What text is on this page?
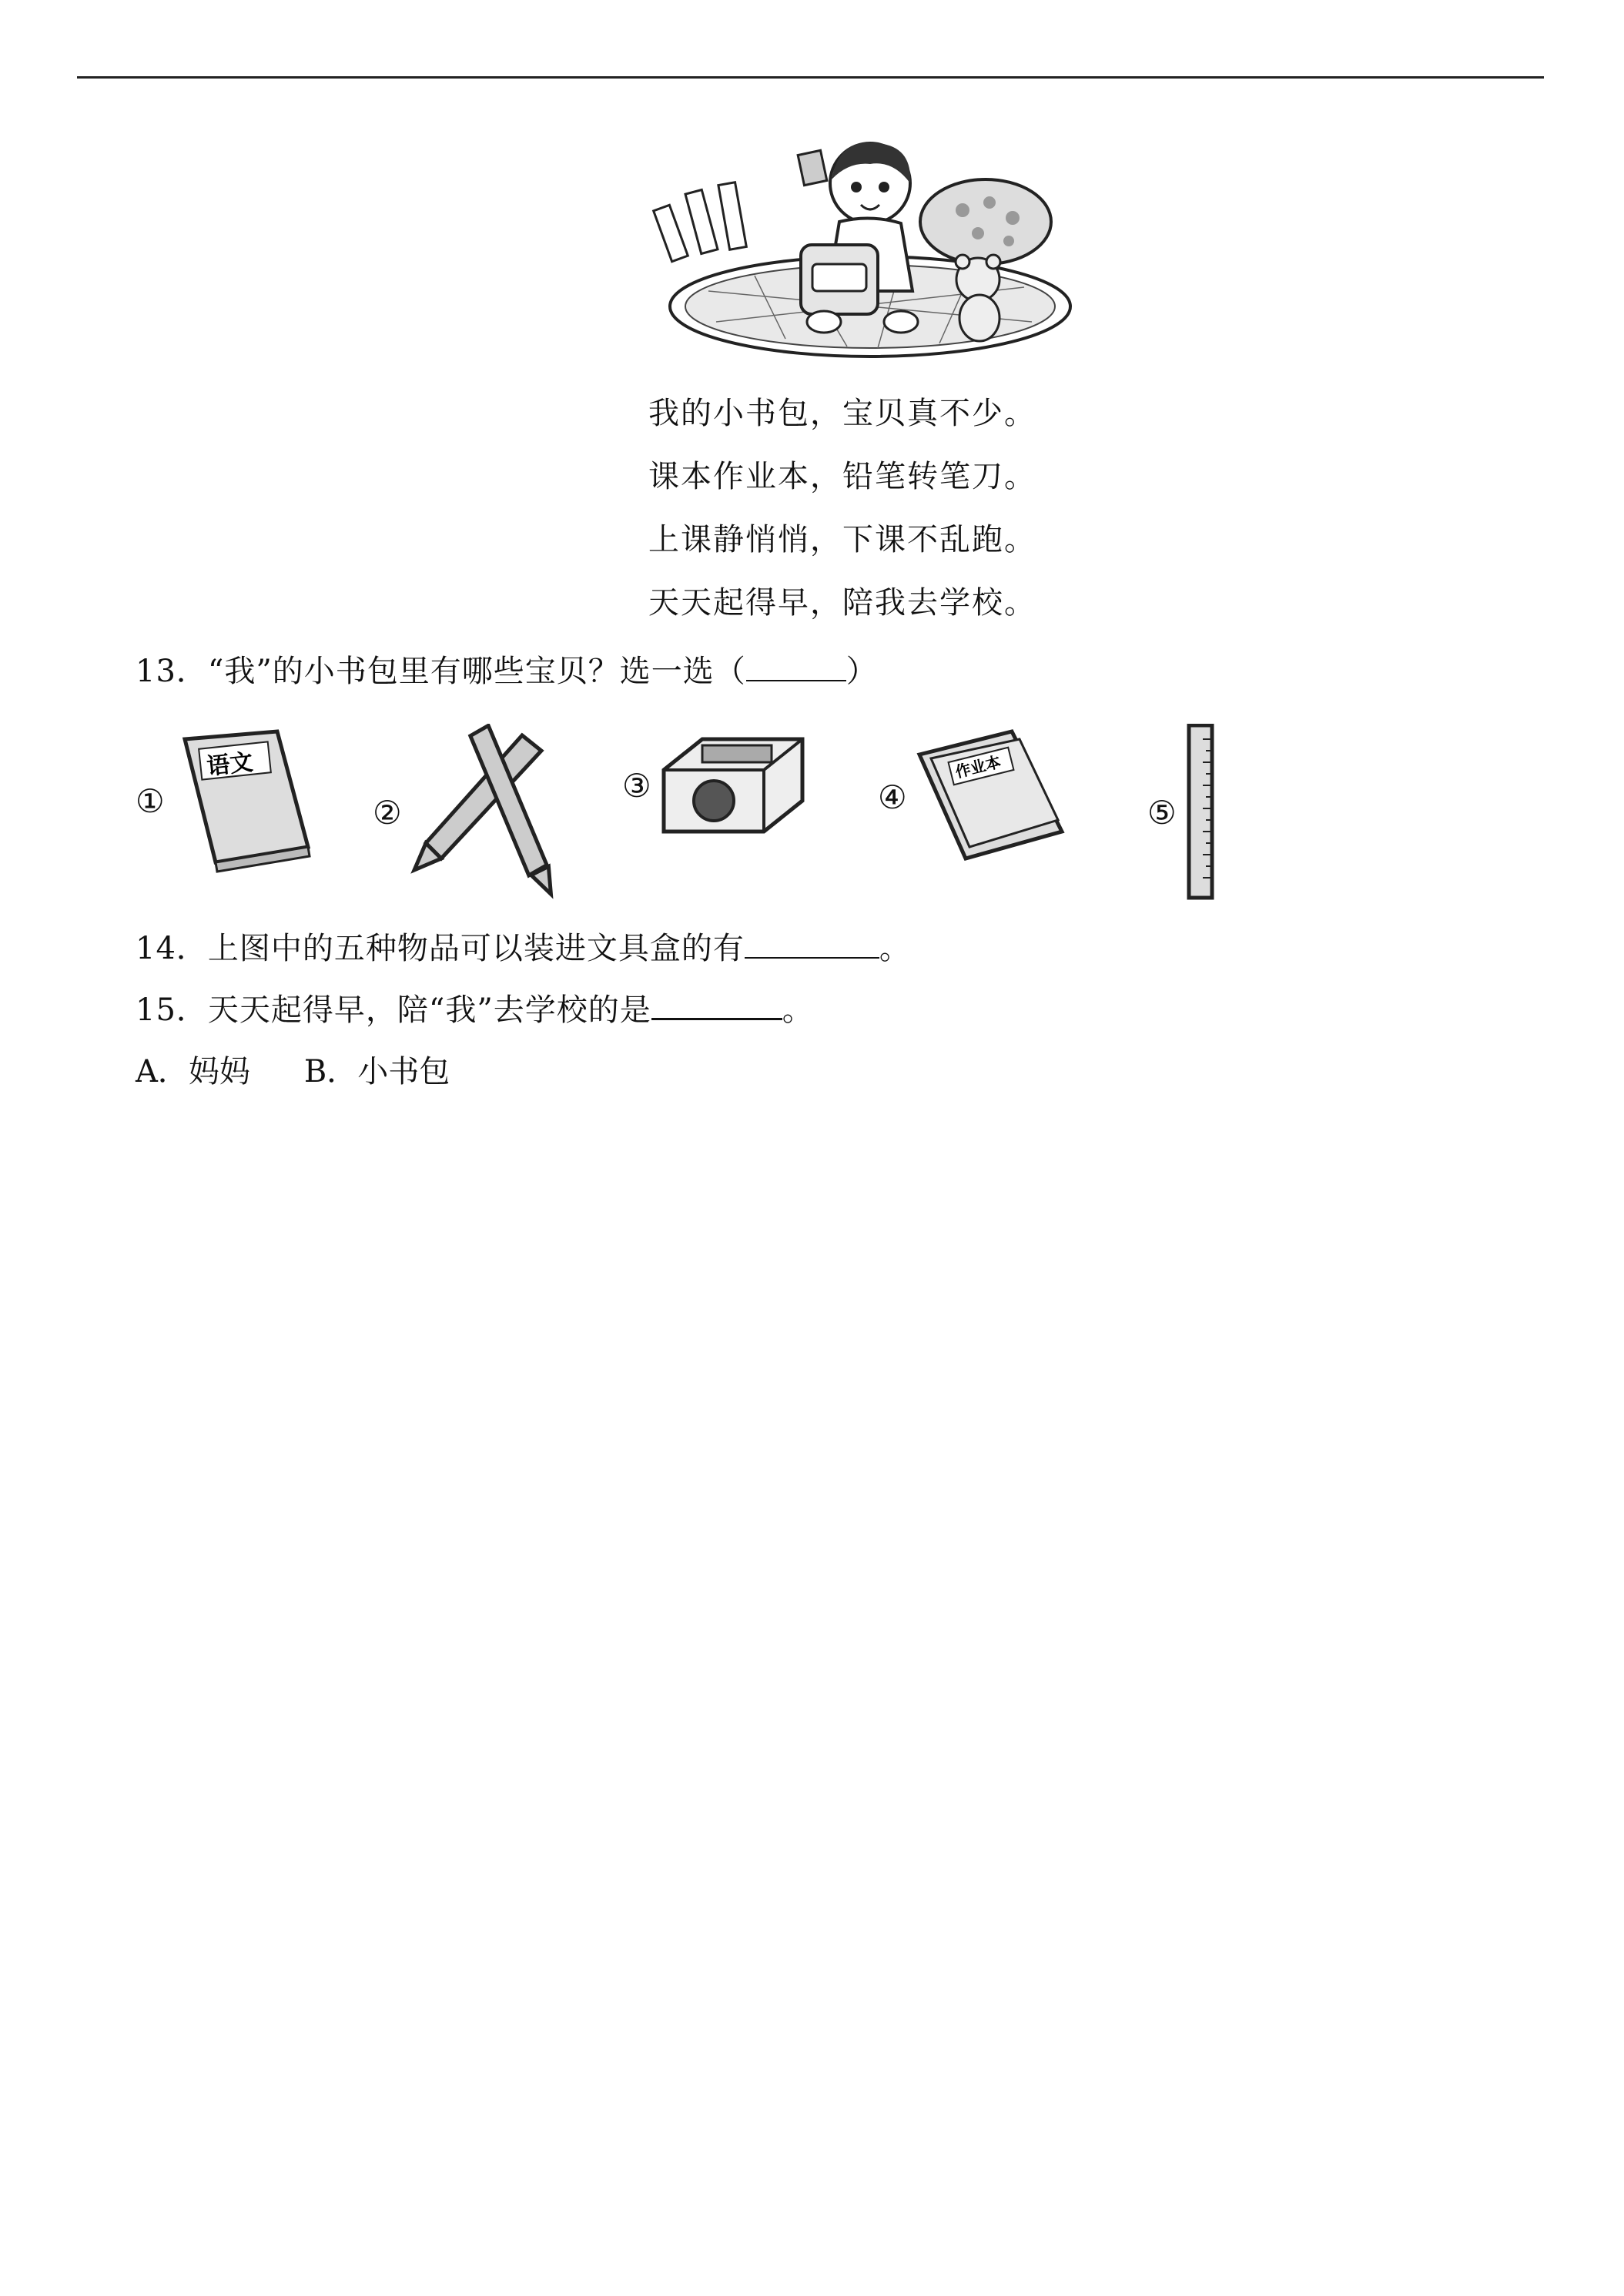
我的小书包，宝贝真不少。
课本作业本，铅笔转笔刀。
上课静悄悄，下课不乱跑。
天天起得早，陪我去学校。
13．“我”的小书包里有哪些宝贝？选一选（	）
①
语文
②
③	④
作业本
⑤
14．上图中的五种物品可以装进文具盒的有	。
15．天天起得早，陪“我”去学校的是	。
A．妈妈 B．小书包
